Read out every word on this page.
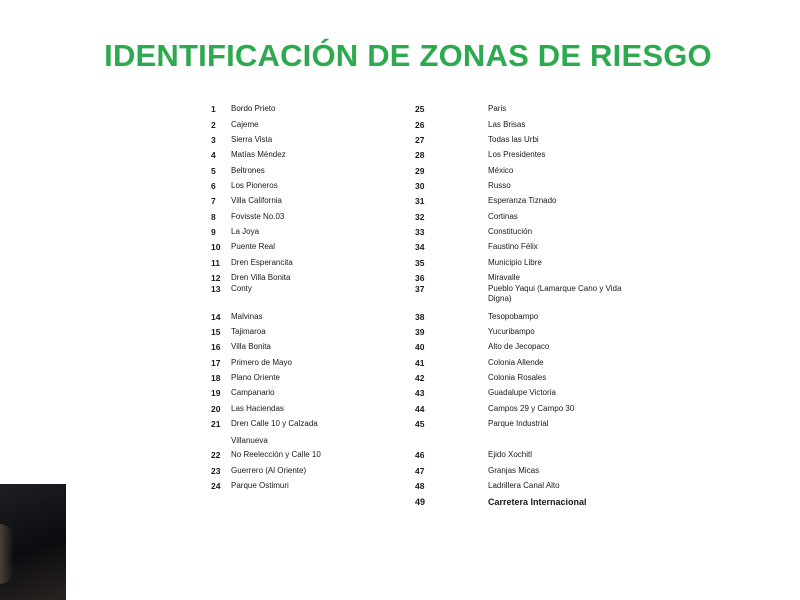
IDENTIFICACIÓN DE ZONAS DE RIESGO
1 Bordo Prieto
2 Cajeme
3 Sierra Vista
4 Matías Méndez
5 Beltrones
6 Los Pioneros
7 Villa California
8 Fovisste No.03
9 La Joya
10 Puente Real
11 Dren Esperancita
12 Dren Villa Bonita
13 Conty
14 Malvinas
15 Tajimaroa
16 Villa Bonita
17 Primero de Mayo
18 Plano Oriente
19 Campanario
20 Las Haciendas
21 Dren Calle 10 y Calzada
Villanueva
22 No Reelección y Calle 10
23 Guerrero (Al Oriente)
24 Parque Ostimuri
25	Paris
26	Las Brisas
27	Todas las Urbi
28	Los Presidentes
29	México
30	Russo
31	Esperanza Tiznado
32	Cortinas
33	Constitución
34	Faustino Félix
35	Municipio Libre
36	Miravalle
37	Pueblo Yaqui (Lamarque Cano y Vida Digna)
38	Tesopobampo
39	Yucuribampo
40	Alto de Jecopaco
41	Colonia Allende
42	Colonia Rosales
43	Guadalupe Victoria
44	Campos 29 y Campo 30
45	Parque Industrial
46	Ejido Xochitl
47	Granjas Micas
48	Ladrillera Canal Alto
49	Carretera Internacional
